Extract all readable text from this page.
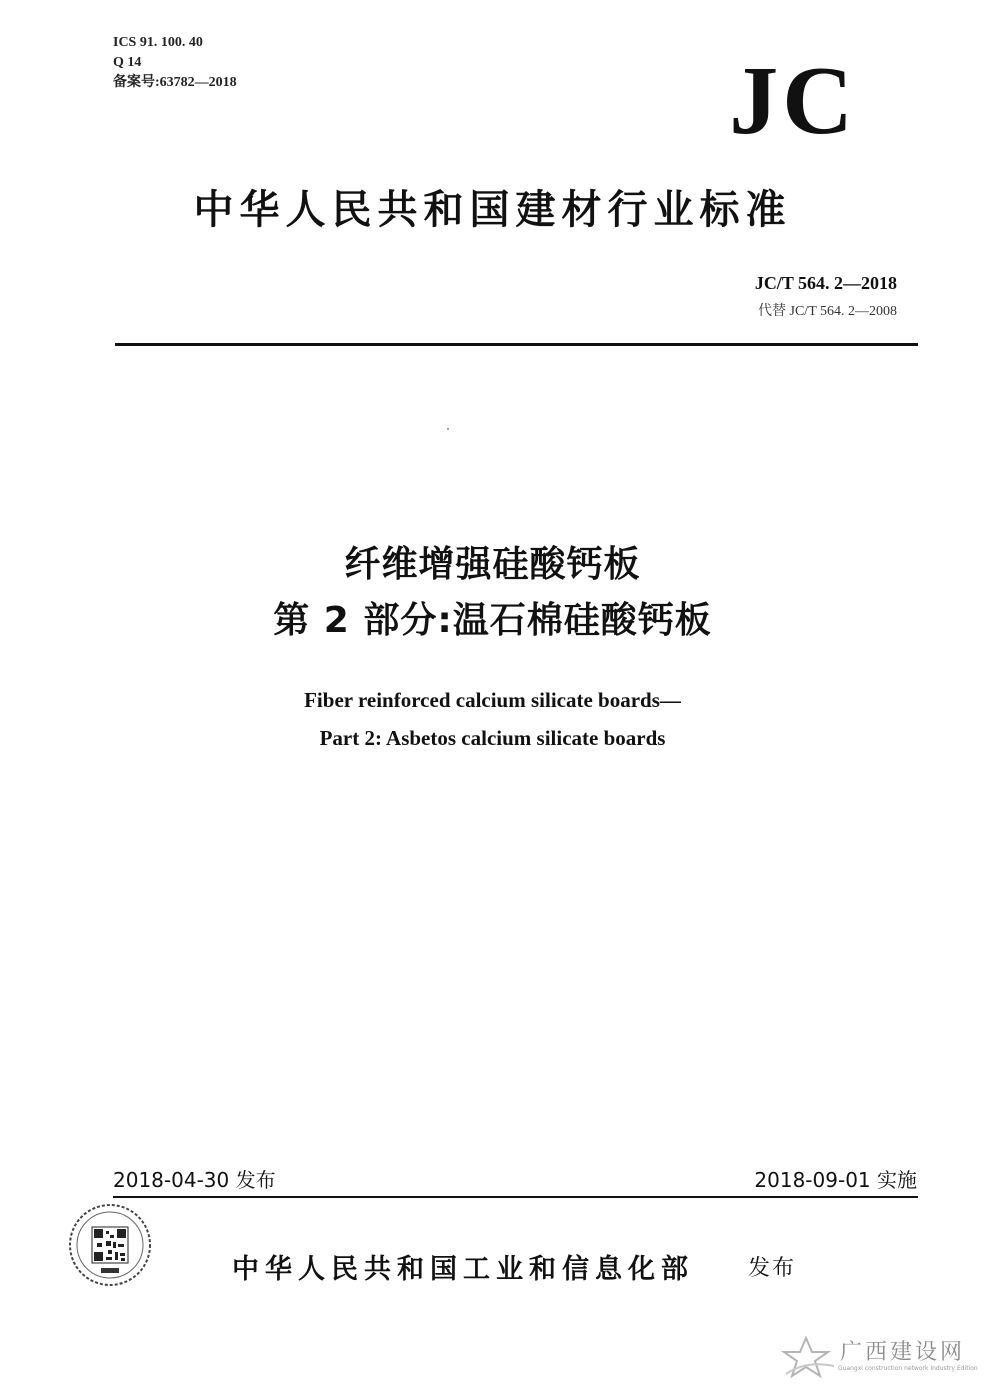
ICS 91. 100. 40
Q 14
备案号:63782—2018	JC
中华人民共和国建材行业标准
JC/T 564. 2—2018
代替 JC/T 564. 2—2008
纤维增强硅酸钙板
第 2 部分:温石棉硅酸钙板
Fiber reinforced calcium silicate boards—
Part 2: Asbetos calcium silicate boards
2018-04-30 发布	2018-09-01 实施
中华人民共和国工业和信息化部 发布
广西建设网
Guangxi construction network Industry Edition
